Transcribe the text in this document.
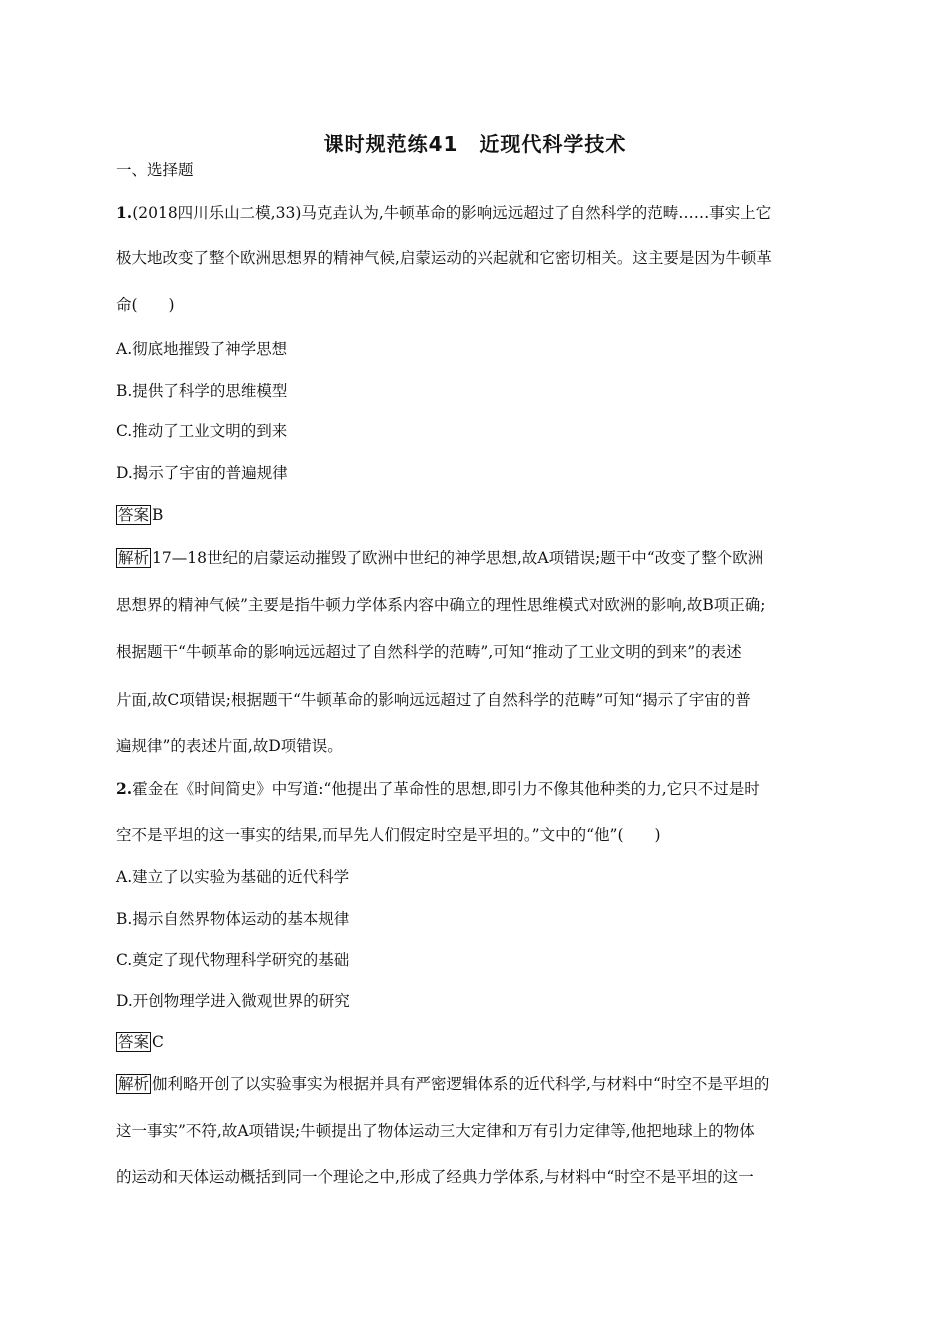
课时规范练41　近现代科学技术
一、选择题
1.(2018四川乐山二模,33)马克垚认为,牛顿革命的影响远远超过了自然科学的范畴……事实上它
极大地改变了整个欧洲思想界的精神气候,启蒙运动的兴起就和它密切相关。这主要是因为牛顿革
命(　　)
A.彻底地摧毁了神学思想
B.提供了科学的思维模型
C.推动了工业文明的到来
D.揭示了宇宙的普遍规律
答案 B
解析 17—18世纪的启蒙运动摧毁了欧洲中世纪的神学思想,故A项错误;题干中“改变了整个欧洲
思想界的精神气候”主要是指牛顿力学体系内容中确立的理性思维模式对欧洲的影响,故B项正确;
根据题干“牛顿革命的影响远远超过了自然科学的范畴”,可知“推动了工业文明的到来”的表述
片面,故C项错误;根据题干“牛顿革命的影响远远超过了自然科学的范畴”可知“揭示了宇宙的普
遍规律”的表述片面,故D项错误。
2.霍金在《时间简史》中写道:“他提出了革命性的思想,即引力不像其他种类的力,它只不过是时
空不是平坦的这一事实的结果,而早先人们假定时空是平坦的。”文中的“他”(　　)
A.建立了以实验为基础的近代科学
B.揭示自然界物体运动的基本规律
C.奠定了现代物理科学研究的基础
D.开创物理学进入微观世界的研究
答案 C
解析 伽利略开创了以实验事实为根据并具有严密逻辑体系的近代科学,与材料中“时空不是平坦的
这一事实”不符,故A项错误;牛顿提出了物体运动三大定律和万有引力定律等,他把地球上的物体
的运动和天体运动概括到同一个理论之中,形成了经典力学体系,与材料中“时空不是平坦的这一
